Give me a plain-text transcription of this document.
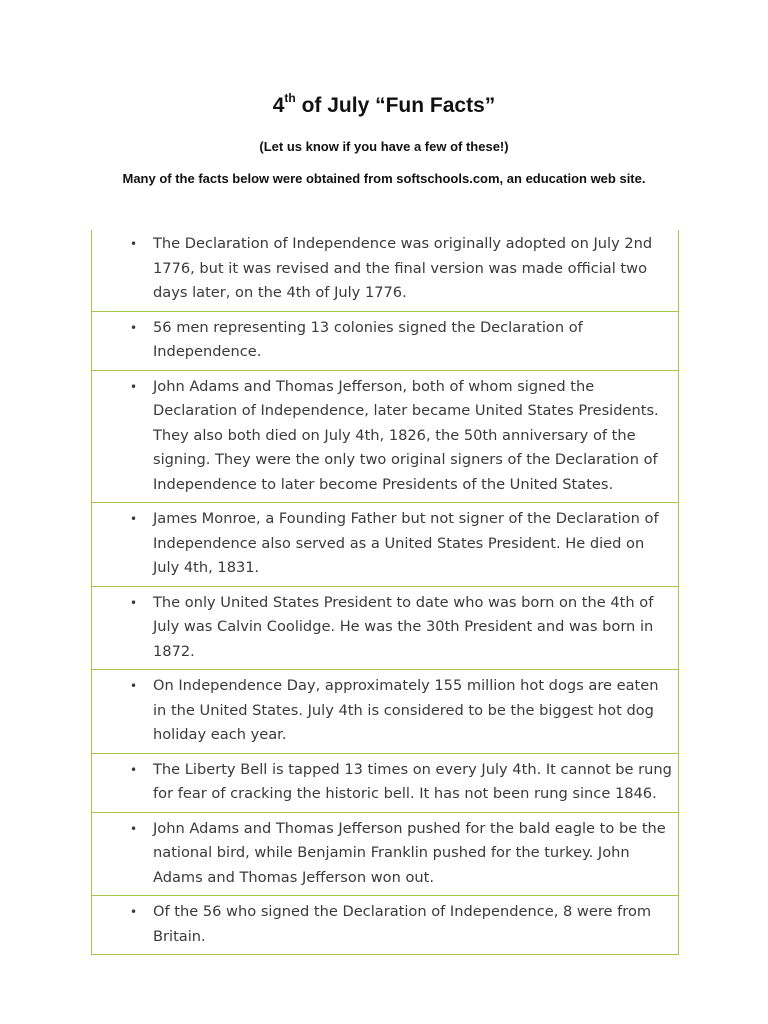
4th of July “Fun Facts”

(Let us know if you have a few of these!)

Many of the facts below were obtained from softschools.com, an education web site.

• The Declaration of Independence was originally adopted on July 2nd 1776, but it was revised and the final version was made official two days later, on the 4th of July 1776.
• 56 men representing 13 colonies signed the Declaration of Independence.
• John Adams and Thomas Jefferson, both of whom signed the Declaration of Independence, later became United States Presidents. They also both died on July 4th, 1826, the 50th anniversary of the signing. They were the only two original signers of the Declaration of Independence to later become Presidents of the United States.
• James Monroe, a Founding Father but not signer of the Declaration of Independence also served as a United States President. He died on July 4th, 1831.
• The only United States President to date who was born on the 4th of July was Calvin Coolidge. He was the 30th President and was born in 1872.
• On Independence Day, approximately 155 million hot dogs are eaten in the United States. July 4th is considered to be the biggest hot dog holiday each year.
• The Liberty Bell is tapped 13 times on every July 4th. It cannot be rung for fear of cracking the historic bell. It has not been rung since 1846.
• John Adams and Thomas Jefferson pushed for the bald eagle to be the national bird, while Benjamin Franklin pushed for the turkey. John Adams and Thomas Jefferson won out.
• Of the 56 who signed the Declaration of Independence, 8 were from Britain.
